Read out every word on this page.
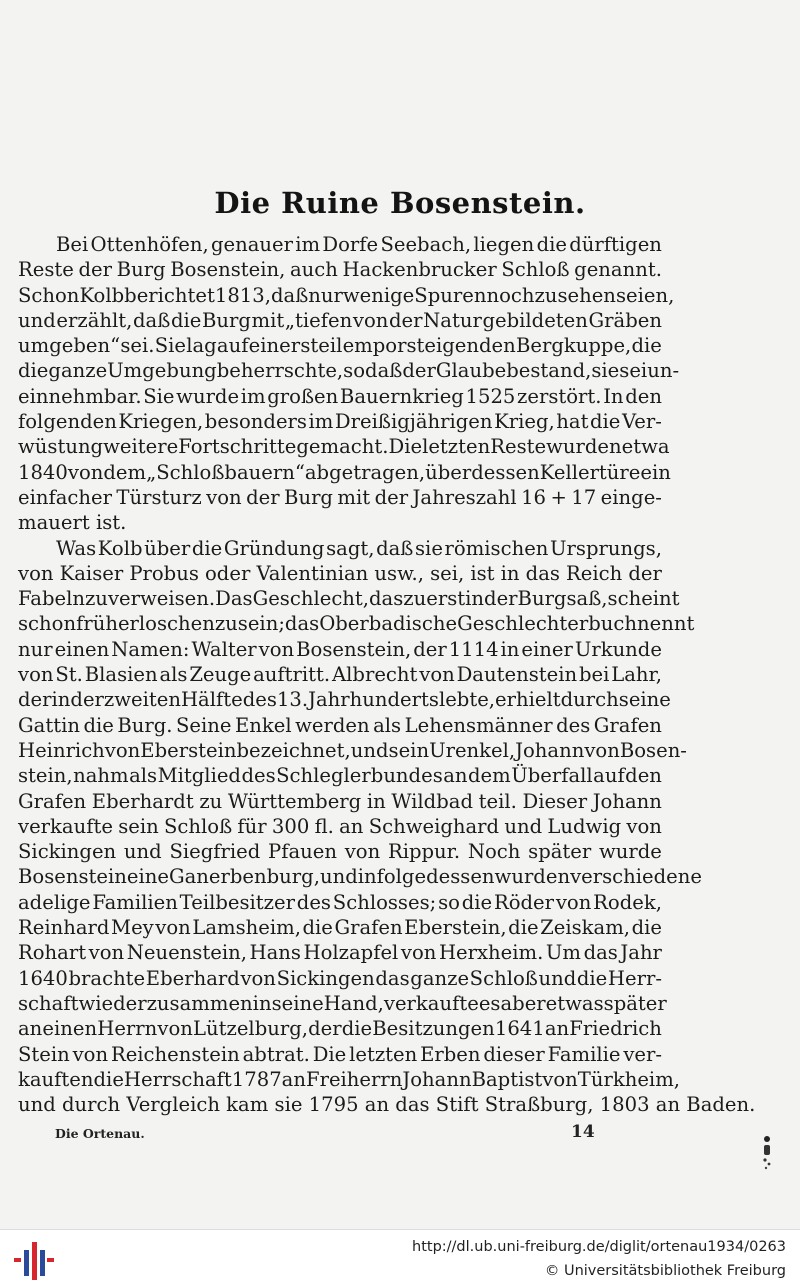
Die Ruine Bosenstein.
Bei Ottenhöfen, genauer im Dorfe Seebach, liegen die dürftigen
Reste der Burg Bosenstein, auch Hackenbrucker Schloß genannt.
Schon Kolb berichtet 1813, daß nur wenige Spuren noch zu sehen seien,
und erzählt, daß die Burg mit „tiefen von der Natur gebildeten Gräben
umgeben“ sei. Sie lag auf einer steil emporsteigenden Bergkuppe, die
die ganze Umgebung beherrschte, so daß der Glaube bestand, sie sei un-
einnehmbar. Sie wurde im großen Bauernkrieg 1525 zerstört. In den
folgenden Kriegen, besonders im Dreißigjährigen Krieg, hat die Ver-
wüstung weitere Fortschritte gemacht. Die letzten Reste wurden etwa
1840 von dem „Schloßbauern“ abgetragen, über dessen Kellertüre ein
einfacher Türsturz von der Burg mit der Jahreszahl 16 + 17 einge-
mauert ist.
Was Kolb über die Gründung sagt, daß sie römischen Ursprungs,
von Kaiser Probus oder Valentinian usw., sei, ist in das Reich der
Fabeln zu verweisen. Das Geschlecht, das zuerst in der Burg saß, scheint
schon früh erloschen zu sein; das Oberbadische Geschlechterbuch nennt
nur einen Namen: Walter von Bosenstein, der 1114 in einer Urkunde
von St. Blasien als Zeuge auftritt. Albrecht von Dautenstein bei Lahr,
der in der zweiten Hälfte des 13. Jahrhunderts lebte, erhielt durch seine
Gattin die Burg. Seine Enkel werden als Lehensmänner des Grafen
Heinrich von Eberstein bezeichnet, und sein Urenkel, Johann von Bosen-
stein, nahm als Mitglied des Schleglerbundes an dem Überfall auf den
Grafen Eberhardt zu Württemberg in Wildbad teil. Dieser Johann
verkaufte sein Schloß für 300 fl. an Schweighard und Ludwig von
Sickingen und Siegfried Pfauen von Rippur. Noch später wurde
Bosenstein eine Ganerbenburg, und infolgedessen wurden verschiedene
adelige Familien Teilbesitzer des Schlosses; so die Röder von Rodek,
Reinhard Mey von Lamsheim, die Grafen Eberstein, die Zeiskam, die
Rohart von Neuenstein, Hans Holzapfel von Herxheim. Um das Jahr
1640 brachte Eberhard von Sickingen das ganze Schloß und die Herr-
schaft wieder zusammen in seine Hand, verkaufte es aber etwas später
an einen Herrn von Lützelburg, der die Besitzungen 1641 an Friedrich
Stein von Reichenstein abtrat. Die letzten Erben dieser Familie ver-
kauften die Herrschaft 1787 an Freiherrn Johann Baptist von Türkheim,
und durch Vergleich kam sie 1795 an das Stift Straßburg, 1803 an Baden.
Die Ortenau.	14
http://dl.ub.uni-freiburg.de/diglit/ortenau1934/0263
© Universitätsbibliothek Freiburg
